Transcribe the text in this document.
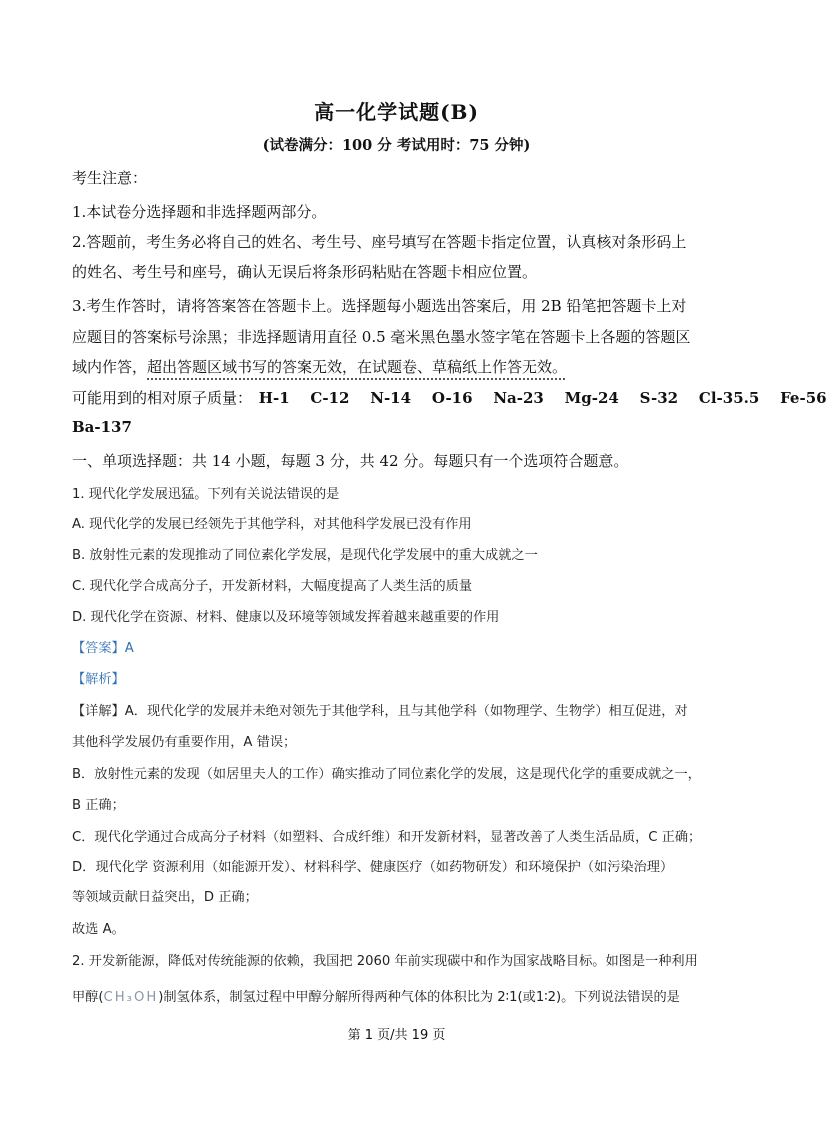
高一化学试题(B)
(试卷满分：100 分 考试用时：75 分钟)
考生注意：
1.本试卷分选择题和非选择题两部分。
2.答题前，考生务必将自己的姓名、考生号、座号填写在答题卡指定位置，认真核对条形码上
的姓名、考生号和座号，确认无误后将条形码粘贴在答题卡相应位置。
3.考生作答时，请将答案答在答题卡上。选择题每小题选出答案后，用 2B 铅笔把答题卡上对
应题目的答案标号涂黑；非选择题请用直径 0.5 毫米黑色墨水签字笔在答题卡上各题的答题区
域内作答，超出答题区域书写的答案无效，在试题卷、草稿纸上作答无效。
可能用到的相对原子质量： H-1 C-12 N-14 O-16 Na-23 Mg-24 S-32 Cl-35.5 Fe-56
Ba-137
一、单项选择题：共 14 小题，每题 3 分，共 42 分。每题只有一个选项符合题意。
1. 现代化学发展迅猛。下列有关说法错误的是
A. 现代化学的发展已经领先于其他学科，对其他科学发展已没有作用
B. 放射性元素的发现推动了同位素化学发展，是现代化学发展中的重大成就之一
C. 现代化学合成高分子，开发新材料，大幅度提高了人类生活的质量
D. 现代化学在资源、材料、健康以及环境等领域发挥着越来越重要的作用
【答案】A
【解析】
【详解】A．现代化学的发展并未绝对领先于其他学科，且与其他学科（如物理学、生物学）相互促进，对
其他科学发展仍有重要作用，A 错误；
B．放射性元素的发现（如居里夫人的工作）确实推动了同位素化学的发展，这是现代化学的重要成就之一，
B 正确；
C．现代化学通过合成高分子材料（如塑料、合成纤维）和开发新材料，显著改善了人类生活品质，C 正确；
D．现代化学 资源利用（如能源开发）、材料科学、健康医疗（如药物研发）和环境保护（如污染治理）
等领域贡献日益突出，D 正确；
故选 A。
2. 开发新能源，降低对传统能源的依赖，我国把 2060 年前实现碳中和作为国家战略目标。如图是一种利用
甲醇(CH₃OH)制氢体系，制氢过程中甲醇分解所得两种气体的体积比为 2∶1(或1∶2)。下列说法错误的是
第 1 页/共 19 页
